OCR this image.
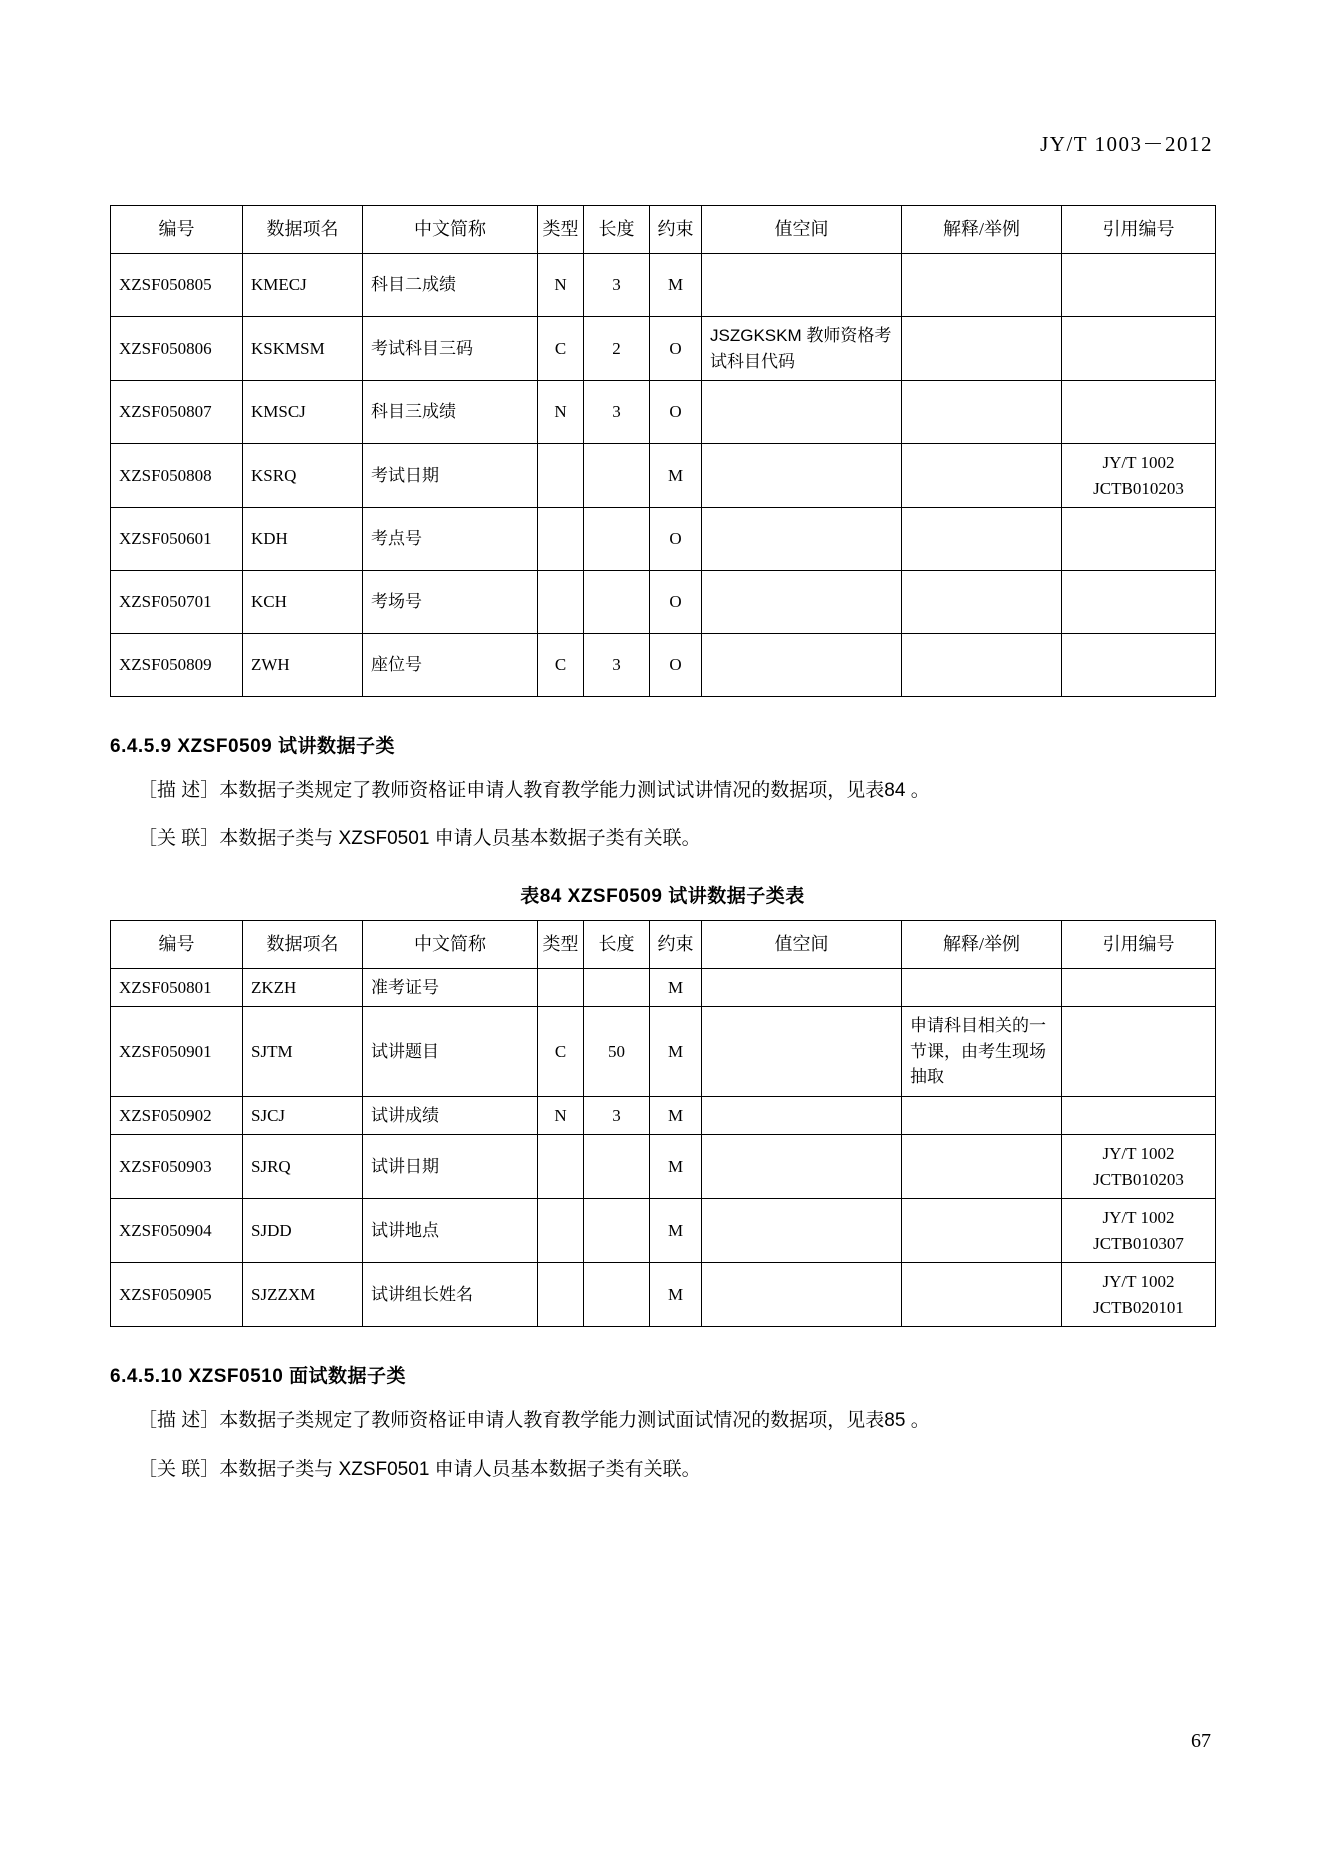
JY/T 1003－2012
编号	数据项名	中文简称	类型	长度	约束	值空间	解释/举例	引用编号
XZSF050805	KMECJ	科目二成绩	N	3	M			
XZSF050806	KSKMSM	考试科目三码	C	2	O	JSZGKSKM 教师资格考试科目代码		
XZSF050807	KMSCJ	科目三成绩	N	3	O			
XZSF050808	KSRQ	考试日期			M			JY/T 1002 JCTB010203
XZSF050601	KDH	考点号			O			
XZSF050701	KCH	考场号			O			
XZSF050809	ZWH	座位号	C	3	O			
6.4.5.9 XZSF0509 试讲数据子类
［描 述］本数据子类规定了教师资格证申请人教育教学能力测试试讲情况的数据项，见表84 。
［关 联］本数据子类与 XZSF0501 申请人员基本数据子类有关联。
表84 XZSF0509 试讲数据子类表
编号	数据项名	中文简称	类型	长度	约束	值空间	解释/举例	引用编号
XZSF050801	ZKZH	准考证号			M			
XZSF050901	SJTM	试讲题目	C	50	M		申请科目相关的一节课，由考生现场抽取	
XZSF050902	SJCJ	试讲成绩	N	3	M			
XZSF050903	SJRQ	试讲日期			M			JY/T 1002 JCTB010203
XZSF050904	SJDD	试讲地点			M			JY/T 1002 JCTB010307
XZSF050905	SJZZXM	试讲组长姓名			M			JY/T 1002 JCTB020101
6.4.5.10 XZSF0510 面试数据子类
［描 述］本数据子类规定了教师资格证申请人教育教学能力测试面试情况的数据项，见表85 。
［关 联］本数据子类与 XZSF0501 申请人员基本数据子类有关联。
67
